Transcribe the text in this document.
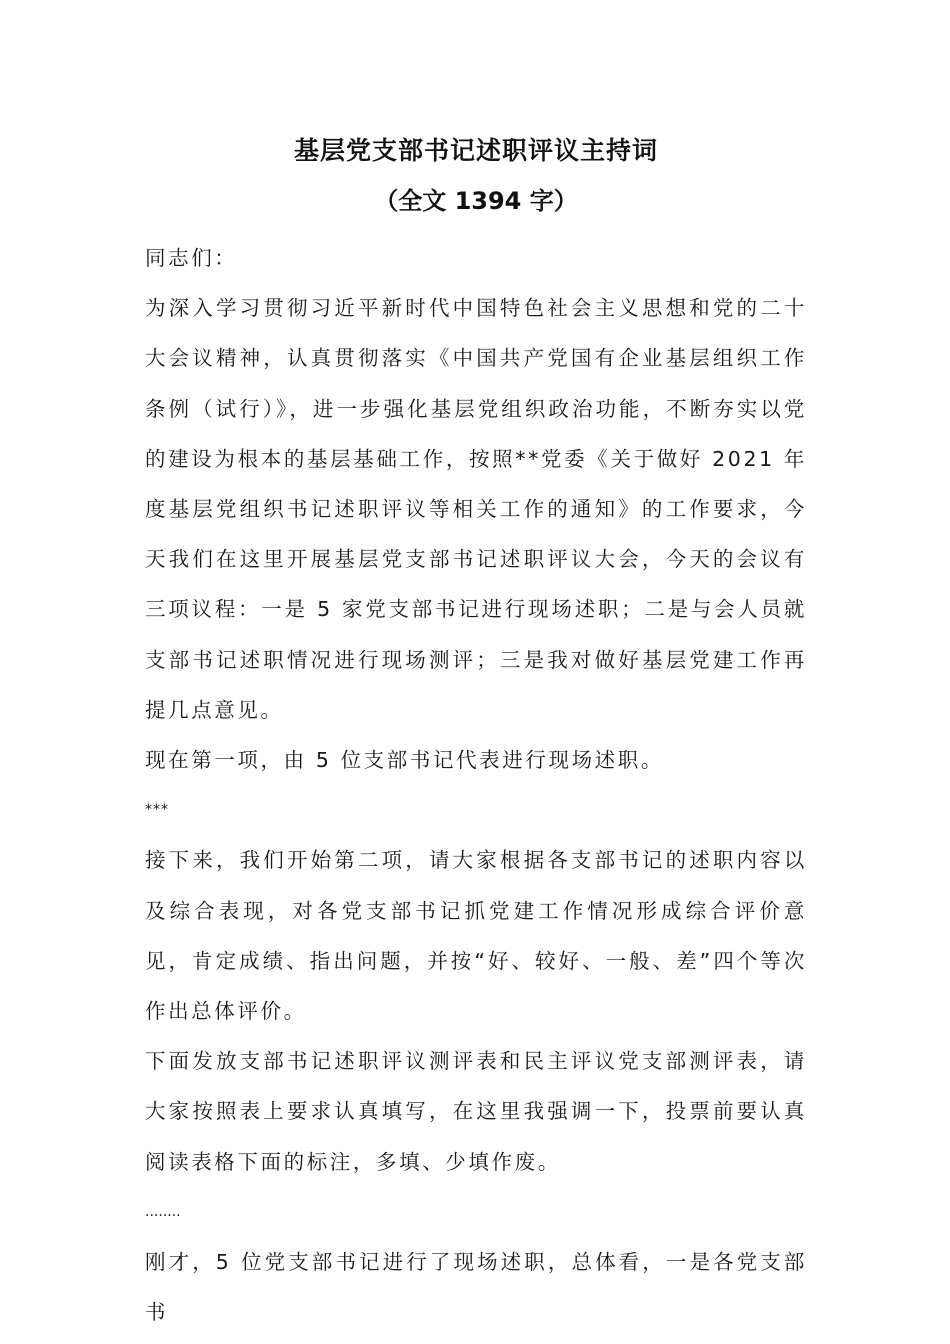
基层党支部书记述职评议主持词
（全文 1394 字）

同志们：

为深入学习贯彻习近平新时代中国特色社会主义思想和党的二十大会议精神，认真贯彻落实《中国共产党国有企业基层组织工作条例（试行）》，进一步强化基层党组织政治功能，不断夯实以党的建设为根本的基层基础工作，按照**党委《关于做好 2021 年度基层党组织书记述职评议等相关工作的通知》的工作要求，今天我们在这里开展基层党支部书记述职评议大会，今天的会议有三项议程：一是 5 家党支部书记进行现场述职；二是与会人员就支部书记述职情况进行现场测评；三是我对做好基层党建工作再提几点意见。

现在第一项，由 5 位支部书记代表进行现场述职。

***

接下来，我们开始第二项，请大家根据各支部书记的述职内容以及综合表现，对各党支部书记抓党建工作情况形成综合评价意见，肯定成绩、指出问题，并按“好、较好、一般、差”四个等次作出总体评价。

下面发放支部书记述职评议测评表和民主评议党支部测评表，请大家按照表上要求认真填写，在这里我强调一下，投票前要认真阅读表格下面的标注，多填、少填作废。

........

刚才，5 位党支部书记进行了现场述职，总体看，一是各党支部书
